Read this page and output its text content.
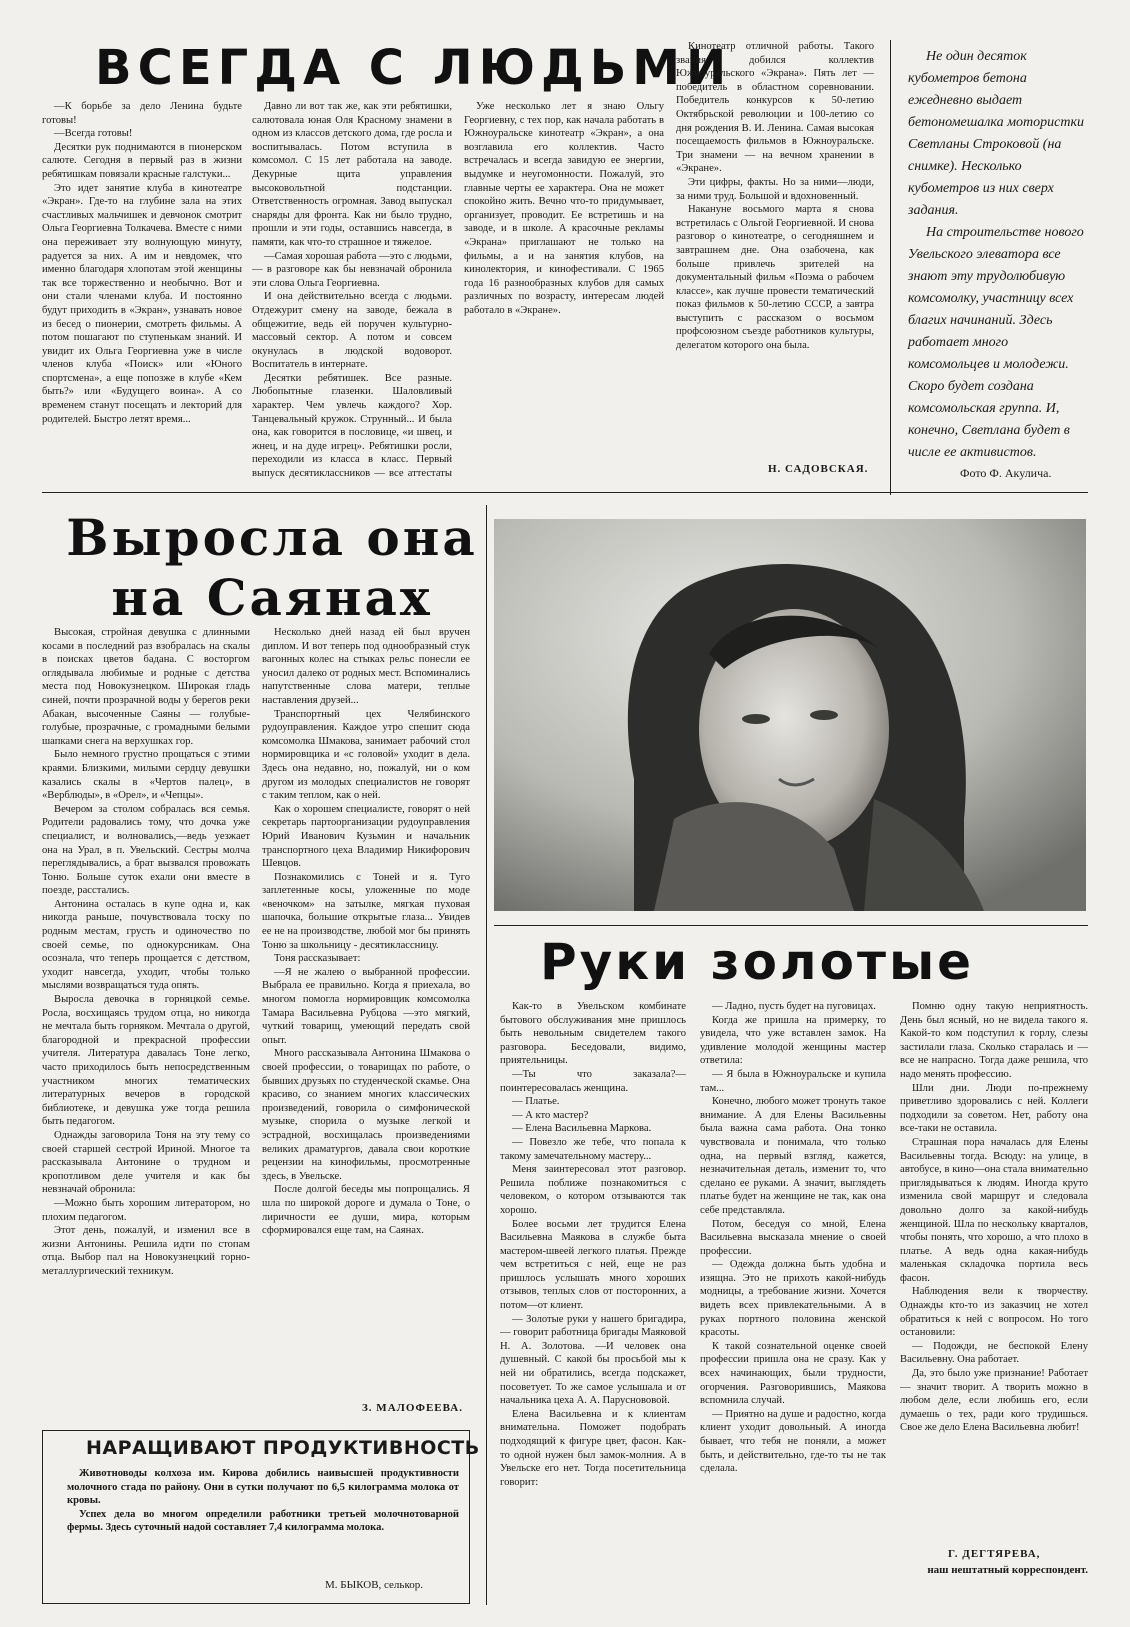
ВСЕГДА С ЛЮДЬМИ

—К борьбе за дело Ленина будьте готовы!

—Всегда готовы!

Десятки рук поднимаются в пионерском салюте. Сегодня в первый раз в жизни ребятишкам повязали красные галстуки...

Это идет занятие клуба в кинотеатре «Экран». Где-то на глубине зала на этих счастливых мальчишек и девчонок смотрит Ольга Георгиевна Толкачева. Вместе с ними она переживает эту волнующую минуту, радуется за них. А им и невдомек, что именно благодаря хлопотам этой женщины так все торжественно и необычно. Вот и они стали членами клуба. И постоянно будут приходить в «Экран», узнавать новое из бесед о пионерии, смотреть фильмы. А потом пошагают по ступенькам знаний. И увидит их Ольга Георгиевна уже в числе членов клуба «Поиск» или «Юного спортсмена», а еще попозже в клубе «Кем быть?» или «Будущего воина». А со временем станут посещать и лекторий для родителей. Быстро летят время...

Давно ли вот так же, как эти ребятишки, салютовала юная Оля Красному знамени в одном из классов детского дома, где росла и воспитывалась. Потом вступила в комсомол. С 15 лет работала на заводе. Декурные щита управления высоковольтной подстанции. Ответственность огромная. Завод выпускал снаряды для фронта. Как ни было трудно, прошли и эти годы, оставшись навсегда, в памяти, как что-то страшное и тяжелое.

—Самая хорошая работа —это с людьми, — в разговоре как бы невзначай обронила эти слова Ольга Георгиевна.

И она действительно всегда с людьми. Отдежурит смену на заводе, бежала в общежитие, ведь ей поручен культурно-массовый сектор. А потом и совсем окунулась в людской водоворот. Воспитатель в интернате.

Десятки ребятишек. Все разные. Любопытные глазенки. Шаловливый характер. Чем увлечь каждого? Хор. Танцевальный кружок. Струнный... И была она, как говорится в пословице, «и швец, и жнец, и на дуде игрец». Ребятишки росли, переходили из класса в класс. Первый выпуск десятиклассников — все аттестаты

Уже несколько лет я знаю Ольгу Георгиевну, с тех пор, как начала работать в Южноуральске кинотеатр «Экран», а она возглавила его коллектив. Часто встречалась и всегда завидую ее энергии, выдумке и неугомонности. Пожалуй, это главные черты ее характера. Она не может спокойно жить. Вечно что-то придумывает, организует, проводит. Ее встретишь и на заводе, и в школе. А красочные рекламы «Экрана» приглашают не только на фильмы, а и на занятия клубов, на кинолектория, и кинофестивали. С 1965 года 16 разнообразных клубов для самых различных по возрасту, интересам людей работало в «Экране».

Кинотеатр отличной работы. Такого звания добился коллектив Южноуральского «Экрана». Пять лет — победитель в областном соревновании. Победитель конкурсов к 50-летию Октябрьской революции и 100-летию со дня рождения В. И. Ленина. Самая высокая посещаемость фильмов в Южноуральске. Три знамени — на вечном хранении в «Экране».

Эти цифры, факты. Но за ними—люди, за ними труд. Большой и вдохновенный.

Накануне восьмого марта я снова встретилась с Ольгой Георгиевной. И снова разговор о кинотеатре, о сегодняшнем и завтрашнем дне. Она озабочена, как больше привлечь зрителей на документальный фильм «Поэма о рабочем классе», как лучше провести тематический показ фильмов к 50-летию СССР, а завтра выступить с рассказом о восьмом профсоюзном съезде работников культуры, делегатом которого она была.

Н. САДОВСКАЯ.

Не один десяток кубометров бетона ежедневно выдает бетономешалка мотористки Светланы Строковой (на снимке). Несколько кубометров из них сверх задания.

На строительстве нового Увельского элеватора все знают эту трудолюбивую комсомолку, участницу всех благих начинаний. Здесь работает много комсомольцев и молодежи. Скоро будет создана комсомольская группа. И, конечно, Светлана будет в числе ее активистов.

Фото Ф. Акулича.
Выросла она
на Саянах

Высокая, стройная девушка с длинными косами в последний раз взобралась на скалы в поисках цветов бадана. С восторгом оглядывала любимые и родные с детства места под Новокузнецком. Широкая гладь синей, почти прозрачной воды у берегов реки Абакан, высоченные Саяны — голубые-голубые, прозрачные, с громадными белыми шапками снега на верхушках гор.

Было немного грустно прощаться с этими краями. Близкими, милыми сердцу девушки казались скалы в «Чертов палец», в «Верблюды», в «Орел», и «Чепцы».

Вечером за столом собралась вся семья. Родители радовались тому, что дочка уже специалист, и волновались,—ведь уезжает она на Урал, в п. Увельский. Сестры молча переглядывались, а брат вызвался провожать Тоню. Больше суток ехали они вместе в поезде, расстались.

Антонина осталась в купе одна и, как никогда раньше, почувствовала тоску по родным местам, грусть и одиночество по своей семье, по однокурсникам. Она осознала, что теперь прощается с детством, уходит навсегда, уходит, чтобы только мыслями возвращаться туда опять.

Выросла девочка в горняцкой семье. Росла, восхищаясь трудом отца, но никогда не мечтала быть горняком. Мечтала о другой, благородной и прекрасной профессии учителя. Литература давалась Тоне легко, часто приходилось быть непосредственным участником многих тематических литературных вечеров в городской библиотеке, и девушка уже тогда решила быть педагогом.

Однажды заговорила Тоня на эту тему со своей старшей сестрой Ириной. Многое та рассказывала Антонине о трудном и кропотливом деле учителя и как бы невзначай обронила:

—Можно быть хорошим литератором, но плохим педагогом.

Этот день, пожалуй, и изменил все в жизни Антонины. Решила идти по стопам отца. Выбор пал на Новокузнецкий горно-металлургический техникум.

Несколько дней назад ей был вручен диплом. И вот теперь под однообразный стук вагонных колес на стыках рельс понесли ее уносил далеко от родных мест. Вспоминались напутственные слова матери, теплые наставления друзей...

Транспортный цех Челябинского рудоуправления. Каждое утро спешит сюда комсомолка Шмакова, занимает рабочий стол нормировщика и «с головой» уходит в дела. Здесь она недавно, но, пожалуй, ни о ком другом из молодых специалистов не говорят с таким теплом, как о ней.

Как о хорошем специалисте, говорят о ней секретарь партоорганизации рудоуправления Юрий Иванович Кузьмин и начальник транспортного цеха Владимир Никифорович Шевцов.

Познакомились с Тоней и я. Туго заплетенные косы, уложенные по моде «веночком» на затылке, мягкая пуховая шапочка, большие открытые глаза... Увидев ее не на производстве, любой мог бы принять Тоню за школьницу - десятиклассницу.

Тоня рассказывает:

—Я не жалею о выбранной профессии. Выбрала ее правильно. Когда я приехала, во многом помогла нормировщик комсомолка Тамара Васильевна Рубцова —это мягкий, чуткий товарищ, умеющий передать свой опыт.

Много рассказывала Антонина Шмакова о своей профессии, о товарищах по работе, о бывших друзьях по студенческой скамье. Она красиво, со знанием многих классических произведений, говорила о симфонической музыке, спорила о музыке легкой и эстрадной, восхищалась произведениями великих драматургов, давала свои короткие рецензии на кинофильмы, просмотренные здесь, в Увельске.

После долгой беседы мы попрощались. Я шла по широкой дороге и думала о Тоне, о лиричности ее души, мира, которым сформировался еще там, на Саянах.

З. МАЛОФЕЕВА.
Руки золотые

Как-то в Увельском комбинате бытового обслуживания мне пришлось быть невольным свидетелем такого разговора. Беседовали, видимо, приятельницы.

—Ты что заказала?—поинтересовалась женщина.

— Платье.

— А кто мастер?

— Елена Васильевна Маркова.

— Повезло же тебе, что попала к такому замечательному мастеру...

Меня заинтересовал этот разговор. Решила поближе познакомиться с человеком, о котором отзываются так хорошо.

Более восьми лет трудится Елена Васильевна Маякова в службе быта мастером-швеей легкого платья. Прежде чем встретиться с ней, еще не раз пришлось услышать много хороших отзывов, теплых слов от посторонних, а потом—от клиент.

— Золотые руки у нашего бригадира,— говорит работница бригады Маяковой Н. А. Золотова. —И человек она душевный. С какой бы просьбой мы к ней ни обратились, всегда подскажет, посоветует. То же самое услышала и от начальника цеха А. А. Паруснововой.

Елена Васильевна и к клиентам внимательна. Поможет подобрать подходящий к фигуре цвет, фасон. Как-то одной нужен был замок-молния. А в Увельске его нет. Тогда посетительница говорит:

— Ладно, пусть будет на пуговицах.

Когда же пришла на примерку, то увидела, что уже вставлен замок. На удивление молодой женщины мастер ответила:

— Я была в Южноуральске и купила там...

Конечно, любого может тронуть такое внимание. А для Елены Васильевны была важна сама работа. Она тонко чувствовала и понимала, что только одна, на первый взгляд, кажется, незначительная деталь, изменит то, что сделано ее руками. А значит, выглядеть платье будет на женщине не так, как она себе представляла.

Потом, беседуя со мной, Елена Васильевна высказала мнение о своей профессии.

— Одежда должна быть удобна и изящна. Это не прихоть какой-нибудь модницы, а требование жизни. Хочется видеть всех привлекательными. А в руках портного половина женской красоты.

К такой сознательной оценке своей профессии пришла она не сразу. Как у всех начинающих, были трудности, огорчения. Разговорившись, Маякова вспомнила случай.

— Приятно на душе и радостно, когда клиент уходит довольный. А иногда бывает, что тебя не поняли, а может быть, и действительно, где-то ты не так сделала.

Помню одну такую неприятность. День был ясный, но не видела такого я. Какой-то ком подступил к горлу, слезы застилали глаза. Сколько старалась и — все не напрасно. Тогда даже решила, что надо менять профессию.

Шли дни. Люди по-прежнему приветливо здоровались с ней. Коллеги подходили за советом. Нет, работу она все-таки не оставила.

Страшная пора началась для Елены Васильевны тогда. Всюду: на улице, в автобусе, в кино—она стала внимательно приглядываться к людям. Иногда круто изменила свой маршрут и следовала довольно долго за какой-нибудь женщиной. Шла по нескольку кварталов, чтобы понять, что хорошо, а что плохо в платье. А ведь одна какая-нибудь маленькая складочка портила весь фасон.

Наблюдения вели к творчеству. Однажды кто-то из заказчиц не хотел обратиться к ней с вопросом. Но того остановили:

— Подожди, не беспокой Елену Васильевну. Она работает.

Да, это было уже признание! Работает — значит творит. А творить можно в любом деле, если любишь его, если думаешь о тех, ради кого трудишься. Свое же дело Елена Васильевна любит!

Г. ДЕГТЯРЕВА,
наш нештатный корреспондент.

Животноводы колхоза им. Кирова добились наивысшей продуктивности молочного стада по району. Они в сутки получают по 6,5 килограмма молока от кровы.

Успех дела во многом определили работники третьей молочнотоварной фермы. Здесь суточный надой составляет 7,4 килограмма молока.

М. БЫКОВ, селькор.
НАРАЩИВАЮТ ПРОДУКТИВНОСТЬ
